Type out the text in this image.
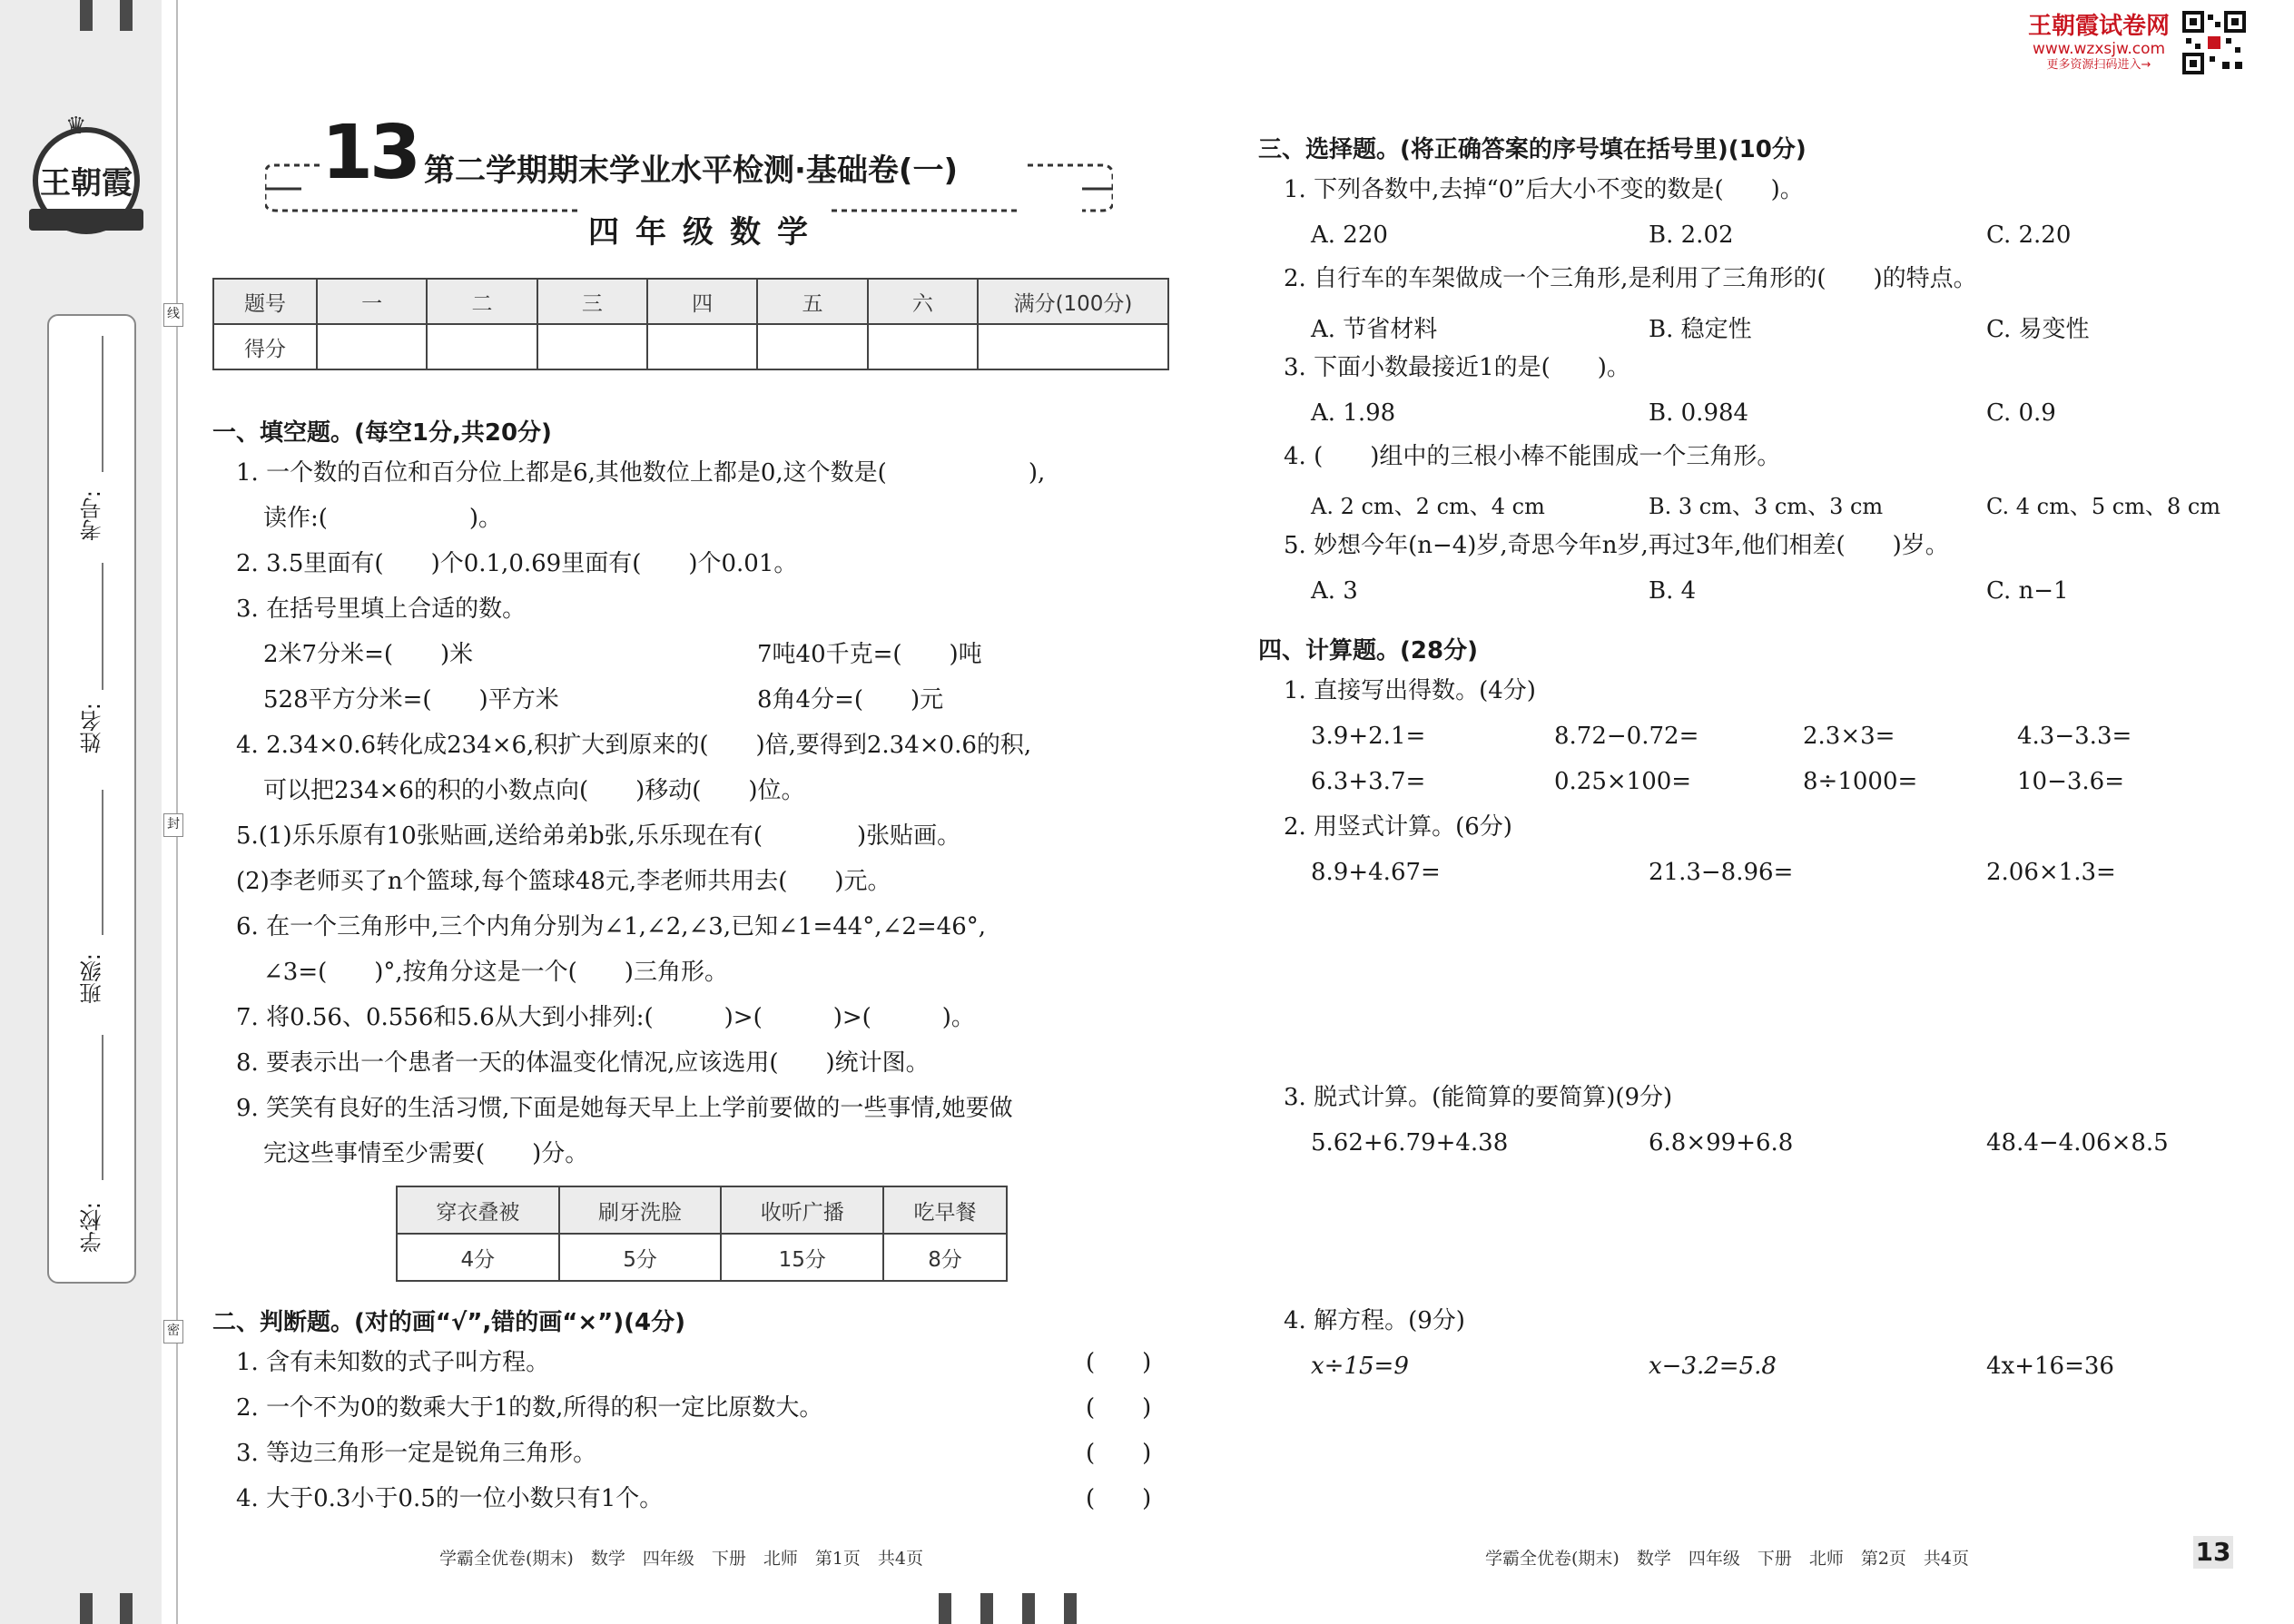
♛
王朝霞
考号:
姓名:
班级:
学校:
线
封
密
王朝霞试卷网
www.wzxsjw.com
更多资源扫码进入→
13 第二学期期末学业水平检测·基础卷(一)
四年级数学
题号	一	二	三	四	五	六	满分(100分)
得分							
一、填空题。(每空1分,共20分)
1. 一个数的百位和百分位上都是6,其他数位上都是0,这个数是(　　　　　　),
读作:(　　　　　　)。
2. 3.5里面有(　　)个0.1,0.69里面有(　　)个0.01。
3. 在括号里填上合适的数。
2米7分米=(　　)米	7吨40千克=(　　)吨
528平方分米=(　　)平方米	8角4分=(　　)元
4. 2.34×0.6转化成234×6,积扩大到原来的(　　)倍,要得到2.34×0.6的积,
可以把234×6的积的小数点向(　　)移动(　　)位。
5.(1)乐乐原有10张贴画,送给弟弟b张,乐乐现在有(　　　　)张贴画。
(2)李老师买了n个篮球,每个篮球48元,李老师共用去(　　)元。
6. 在一个三角形中,三个内角分别为∠1,∠2,∠3,已知∠1=44°,∠2=46°,
∠3=(　　)°,按角分这是一个(　　)三角形。
7. 将0.56、0.556和5.6从大到小排列:(　　　)>(　　　)>(　　　)。
8. 要表示出一个患者一天的体温变化情况,应该选用(　　)统计图。
9. 笑笑有良好的生活习惯,下面是她每天早上上学前要做的一些事情,她要做
完这些事情至少需要(　　)分。
穿衣叠被	刷牙洗脸	收听广播	吃早餐
4分	5分	15分	8分
二、判断题。(对的画“√”,错的画“×”)(4分)
1. 含有未知数的式子叫方程。	(　　)
2. 一个不为0的数乘大于1的数,所得的积一定比原数大。	(　　)
3. 等边三角形一定是锐角三角形。	(　　)
4. 大于0.3小于0.5的一位小数只有1个。	(　　)
学霸全优卷(期末)　数学　四年级　下册　北师　第1页　共4页
三、选择题。(将正确答案的序号填在括号里)(10分)
1. 下列各数中,去掉“0”后大小不变的数是(　　)。
A. 220	B. 2.02	C. 2.20
2. 自行车的车架做成一个三角形,是利用了三角形的(　　)的特点。
A. 节省材料	B. 稳定性	C. 易变性
3. 下面小数最接近1的是(　　)。
A. 1.98	B. 0.984	C. 0.9
4. (　　)组中的三根小棒不能围成一个三角形。
A. 2 cm、2 cm、4 cm	B. 3 cm、3 cm、3 cm	C. 4 cm、5 cm、8 cm
5. 妙想今年(n−4)岁,奇思今年n岁,再过3年,他们相差(　　)岁。
A. 3	B. 4	C. n−1
四、计算题。(28分)
1. 直接写出得数。(4分)
3.9+2.1=	8.72−0.72=	2.3×3=	4.3−3.3=
6.3+3.7=	0.25×100=	8÷1000=	10−3.6=
2. 用竖式计算。(6分)
8.9+4.67=	21.3−8.96=	2.06×1.3=
3. 脱式计算。(能简算的要简算)(9分)
5.62+6.79+4.38	6.8×99+6.8	48.4−4.06×8.5
4. 解方程。(9分)
x÷15=9	x−3.2=5.8	4x+16=36
学霸全优卷(期末)　数学　四年级　下册　北师　第2页　共4页	13
